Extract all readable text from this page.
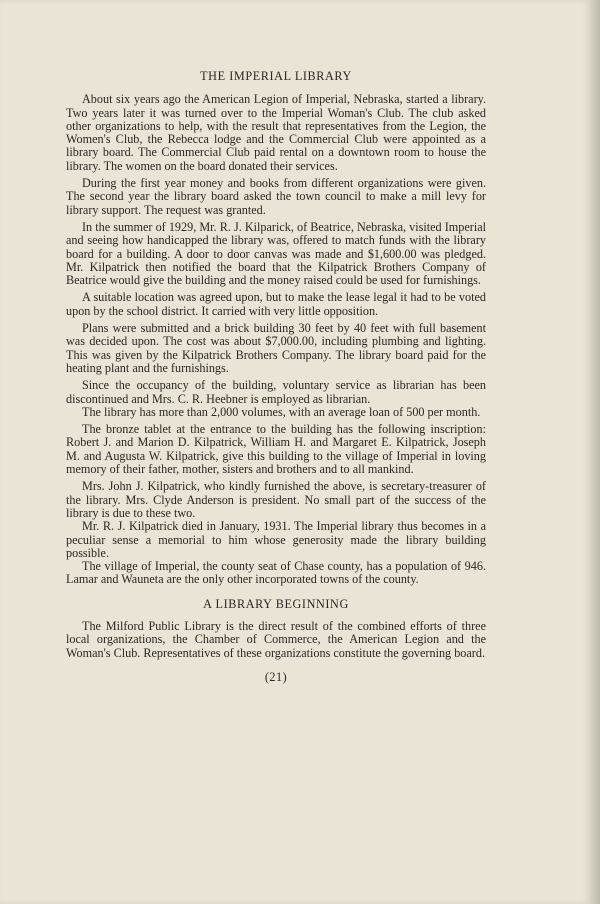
THE IMPERIAL LIBRARY

About six years ago the American Legion of Imperial, Nebraska, started a library. Two years later it was turned over to the Imperial Woman's Club. The club asked other organizations to help, with the result that representatives from the Legion, the Women's Club, the Rebecca lodge and the Commercial Club were appointed as a library board. The Commercial Club paid rental on a downtown room to house the library. The women on the board donated their services.

During the first year money and books from different organizations were given. The second year the library board asked the town council to make a mill levy for library support. The request was granted.

In the summer of 1929, Mr. R. J. Kilparick, of Beatrice, Nebraska, visited Imperial and seeing how handicapped the library was, offered to match funds with the library board for a building. A door to door canvas was made and $1,600.00 was pledged. Mr. Kilpatrick then notified the board that the Kilpatrick Brothers Company of Beatrice would give the building and the money raised could be used for furnishings.

A suitable location was agreed upon, but to make the lease legal it had to be voted upon by the school district. It carried with very little opposition.

Plans were submitted and a brick building 30 feet by 40 feet with full basement was decided upon. The cost was about $7,000.00, including plumbing and lighting. This was given by the Kilpatrick Brothers Company. The library board paid for the heating plant and the furnishings.

Since the occupancy of the building, voluntary service as librarian has been discontinued and Mrs. C. R. Heebner is employed as librarian.

The library has more than 2,000 volumes, with an average loan of 500 per month.

The bronze tablet at the entrance to the building has the following inscription: Robert J. and Marion D. Kilpatrick, William H. and Margaret E. Kilpatrick, Joseph M. and Augusta W. Kilpatrick, give this building to the village of Imperial in loving memory of their father, mother, sisters and brothers and to all mankind.

Mrs. John J. Kilpatrick, who kindly furnished the above, is secretary-treasurer of the library. Mrs. Clyde Anderson is president. No small part of the success of the library is due to these two.

Mr. R. J. Kilpatrick died in January, 1931. The Imperial library thus becomes in a peculiar sense a memorial to him whose generosity made the library building possible.

The village of Imperial, the county seat of Chase county, has a population of 946. Lamar and Wauneta are the only other incorporated towns of the county.

A LIBRARY BEGINNING

The Milford Public Library is the direct result of the combined efforts of three local organizations, the Chamber of Commerce, the American Legion and the Woman's Club. Representatives of these organizations constitute the governing board.

(21)
